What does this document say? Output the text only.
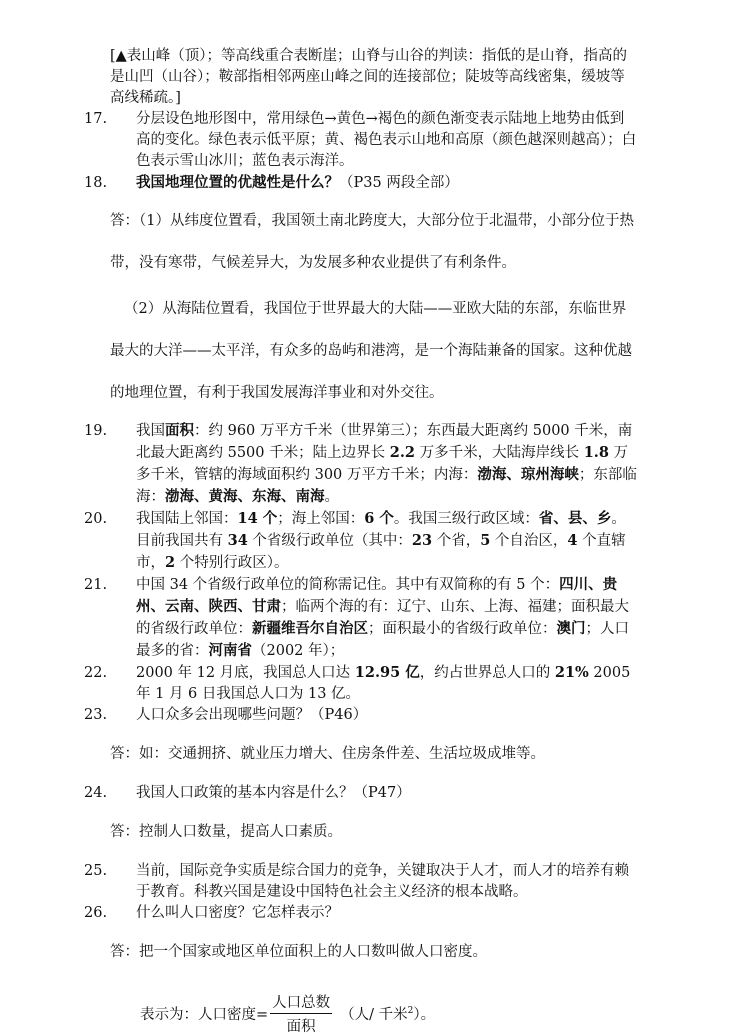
[▲表山峰（顶）；等高线重合表断崖；山脊与山谷的判读：指低的是山脊，指高的是山凹（山谷）；鞍部指相邻两座山峰之间的连接部位；陡坡等高线密集，缓坡等高线稀疏。]

17. 分层设色地形图中，常用绿色→黄色→褐色的颜色渐变表示陆地上地势由低到高的变化。绿色表示低平原；黄、褐色表示山地和高原（颜色越深则越高）；白色表示雪山冰川；蓝色表示海洋。

18. 我国地理位置的优越性是什么？（P35 两段全部）

答：（1）从纬度位置看，我国领土南北跨度大，大部分位于北温带，小部分位于热带，没有寒带，气候差异大，为发展多种农业提供了有利条件。

（2）从海陆位置看，我国位于世界最大的大陆——亚欧大陆的东部，东临世界最大的大洋——太平洋，有众多的岛屿和港湾，是一个海陆兼备的国家。这种优越的地理位置，有利于我国发展海洋事业和对外交往。

19. 我国面积：约 960 万平方千米（世界第三）；东西最大距离约 5000 千米，南北最大距离约 5500 千米；陆上边界长 2.2 万多千米，大陆海岸线长 1.8 万多千米，管辖的海域面积约 300 万平方千米；内海：渤海、琼州海峡；东部临海：渤海、黄海、东海、南海。

20. 我国陆上邻国：14 个；海上邻国：6 个。我国三级行政区域：省、县、乡。目前我国共有 34 个省级行政单位（其中：23 个省，5 个自治区，4 个直辖市，2 个特别行政区）。

21. 中国 34 个省级行政单位的简称需记住。其中有双简称的有 5 个：四川、贵州、云南、陕西、甘肃；临两个海的有：辽宁、山东、上海、福建；面积最大的省级行政单位：新疆维吾尔自治区；面积最小的省级行政单位：澳门；人口最多的省：河南省（2002 年）；

22. 2000 年 12 月底，我国总人口达 12.95 亿，约占世界总人口的 21% 2005 年 1 月 6 日我国总人口为 13 亿。

23. 人口众多会出现哪些问题？（P46）

答：如：交通拥挤、就业压力增大、住房条件差、生活垃圾成堆等。

24. 我国人口政策的基本内容是什么？（P47）

答：控制人口数量，提高人口素质。

25. 当前，国际竞争实质是综合国力的竞争，关键取决于人才，而人才的培养有赖于教育。科教兴国是建设中国特色社会主义经济的根本战略。

26. 什么叫人口密度？它怎样表示？

答：把一个国家或地区单位面积上的人口数叫做人口密度。

表示为：人口密度= $\frac{\text{人口总数}}{\text{面积}}$ （人/ 千米$^2$）。
